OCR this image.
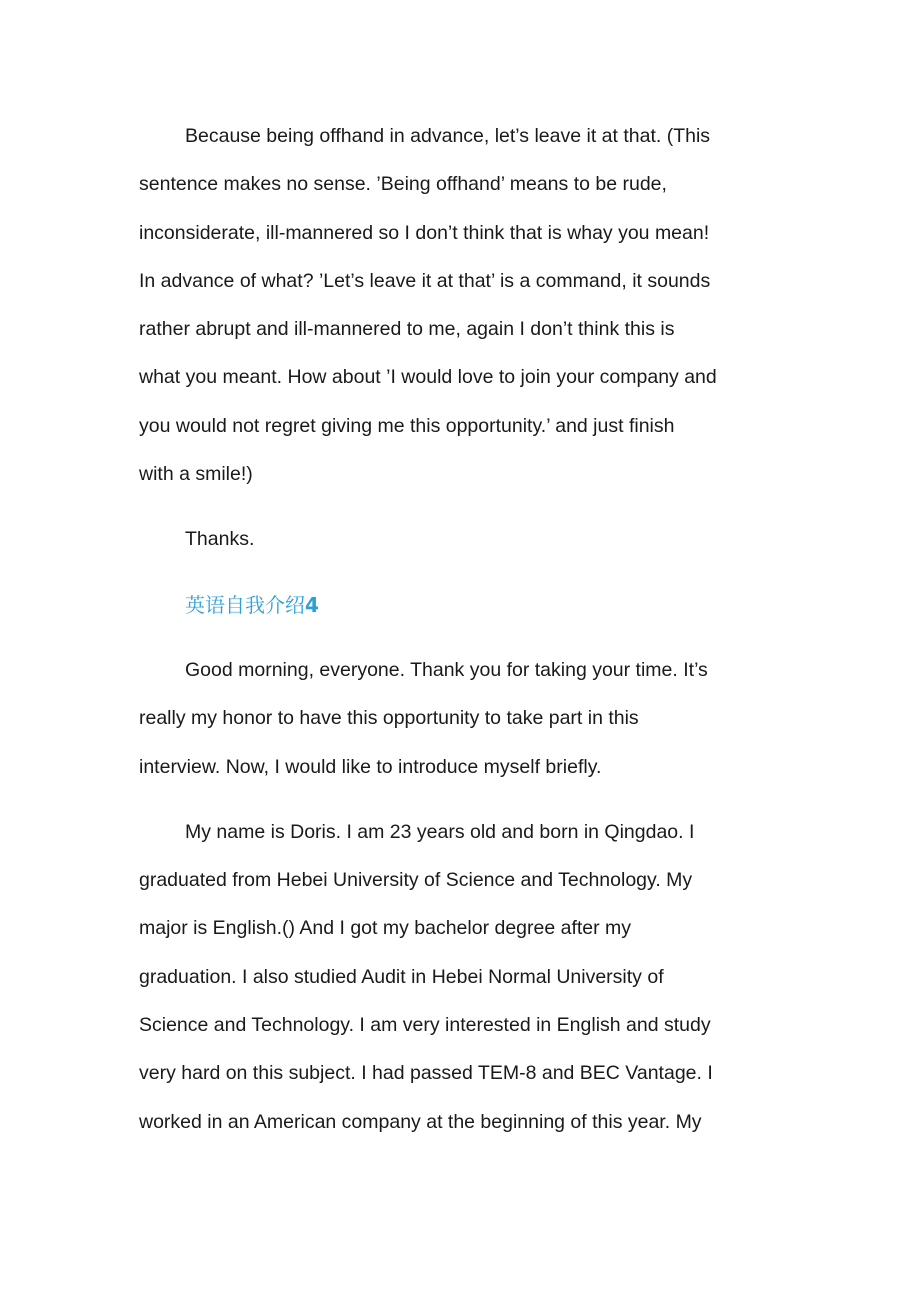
Because being offhand in advance, let’s leave it at that. (This
sentence makes no sense. ’Being offhand’ means to be rude,
inconsiderate, ill-mannered so I don’t think that is whay you mean!
In advance of what? ’Let’s leave it at that’ is a command, it sounds
rather abrupt and ill-mannered to me, again I don’t think this is
what you meant. How about ’I would love to join your company and
you would not regret giving me this opportunity.’ and just finish
with a smile!)

Thanks.

英语自我介绍4

Good morning, everyone. Thank you for taking your time. It’s
really my honor to have this opportunity to take part in this
interview. Now, I would like to introduce myself briefly.

My name is Doris. I am 23 years old and born in Qingdao. I
graduated from Hebei University of Science and Technology. My
major is English.() And I got my bachelor degree after my
graduation. I also studied Audit in Hebei Normal University of
Science and Technology. I am very interested in English and study
very hard on this subject. I had passed TEM-8 and BEC Vantage. I
worked in an American company at the beginning of this year. My
